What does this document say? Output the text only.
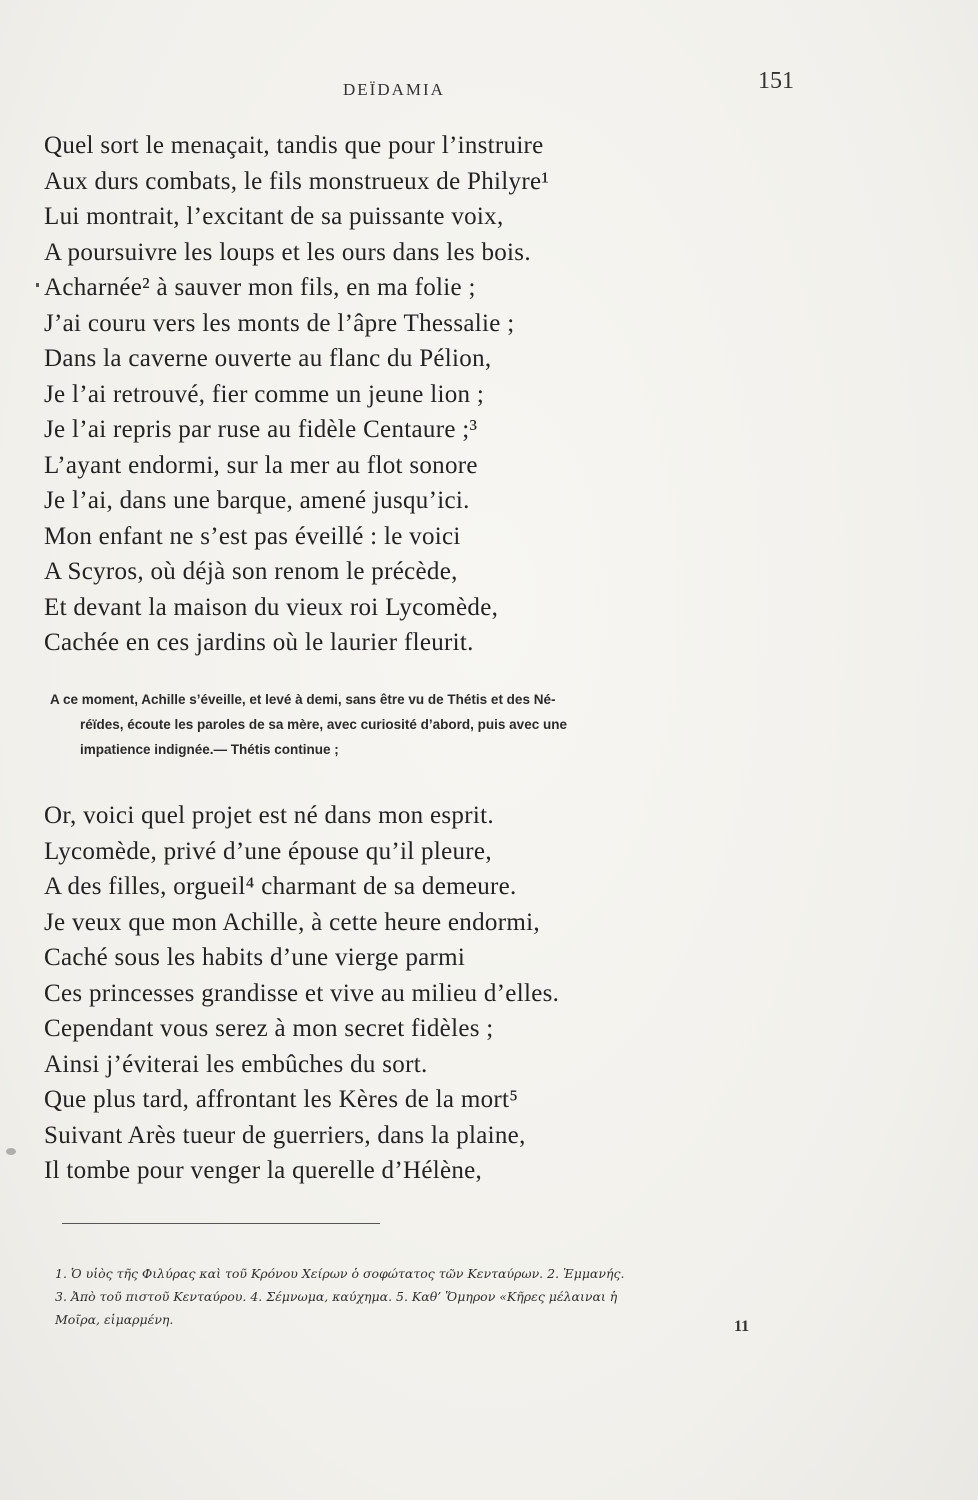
DEÏDAMIA	151
Quel sort le menaçait, tandis que pour l’instruire
Aux durs combats, le fils monstrueux de Philyre¹
Lui montrait, l’excitant de sa puissante voix,
A poursuivre les loups et les ours dans les bois.
Acharnée² à sauver mon fils, en ma folie ;
J’ai couru vers les monts de l’âpre Thessalie ;
Dans la caverne ouverte au flanc du Pélion,
Je l’ai retrouvé, fier comme un jeune lion ;
Je l’ai repris par ruse au fidèle Centaure ;³
L’ayant endormi, sur la mer au flot sonore
Je l’ai, dans une barque, amené jusqu’ici.
Mon enfant ne s’est pas éveillé : le voici
A Scyros, où déjà son renom le précède,
Et devant la maison du vieux roi Lycomède,
Cachée en ces jardins où le laurier fleurit.
A ce moment, Achille s’éveille, et levé à demi, sans être vu de Thétis et des Né-
réïdes, écoute les paroles de sa mère, avec curiosité d’abord, puis avec une
impatience indignée.— Thétis continue ;
Or, voici quel projet est né dans mon esprit.
Lycomède, privé d’une épouse qu’il pleure,
A des filles, orgueil⁴ charmant de sa demeure.
Je veux que mon Achille, à cette heure endormi,
Caché sous les habits d’une vierge parmi
Ces princesses grandisse et vive au milieu d’elles.
Cependant vous serez à mon secret fidèles ;
Ainsi j’éviterai les embûches du sort.
Que plus tard, affrontant les Kères de la mort⁵
Suivant Arès tueur de guerriers, dans la plaine,
Il tombe pour venger la querelle d’Hélène,
1. Ὁ υἱὸς τῆς Φιλύρας καὶ τοῦ Κρόνου Χείρων ὁ σοφώτατος τῶν Κενταύρων. 2. Ἐμμανής.
3. Ἀπὸ τοῦ πιστοῦ Κενταύρου. 4. Σέμνωμα, καύχημα. 5. Καθ’ Ὅμηρον «Κῆρες μέλαιναι ἡ
Μοῖρα, εἱμαρμένη.	11
